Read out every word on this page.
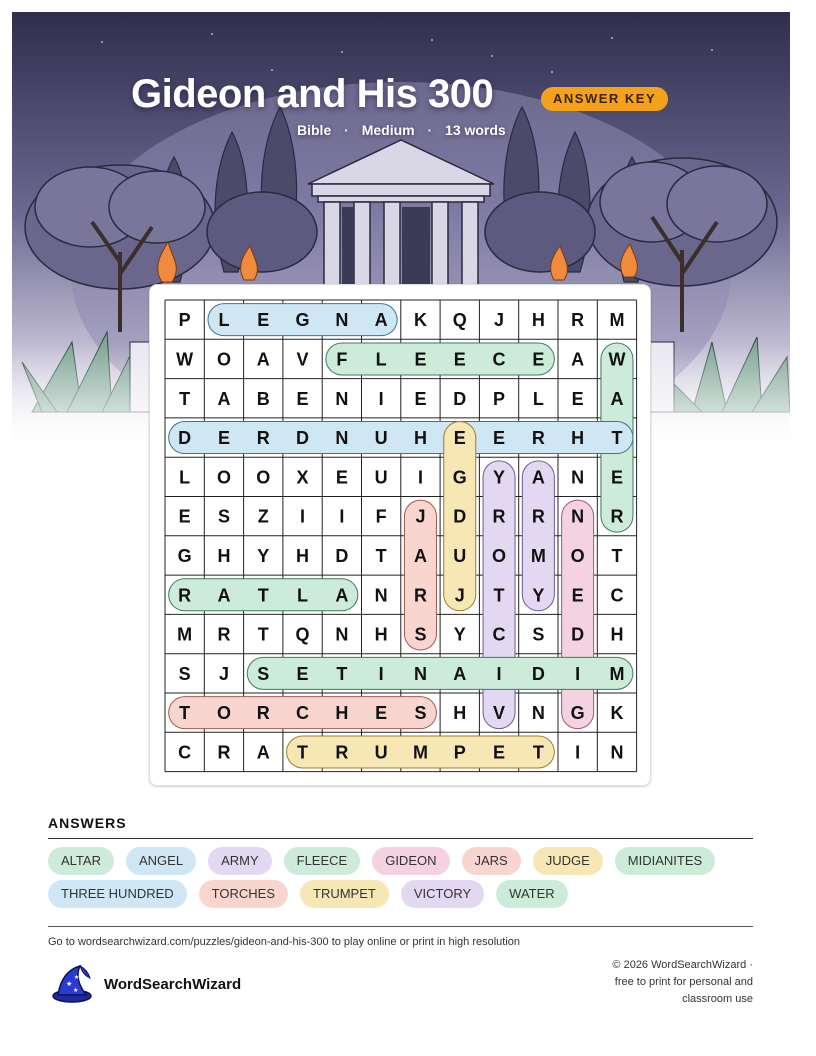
Gideon and His 300	ANSWER KEY
Bible · Medium · 13 words
P L E G N A K Q J H R M
W O A V F L E E C E A W
T A B E N I E D P L E A
D E R D N U H E E R H T
L O O X E U I G Y A N E
E S Z I I F J D R R N R
G H Y H D T A U O M O T
R A T L A N R J T Y E C
M R T Q N H S Y C S D H
S J S E T I N A I D I M
T O R C H E S H V N G K
C R A T R U M P E T I N
ANSWERS
ALTAR	ANGEL	ARMY	FLEECE	GIDEON	JARS	JUDGE	MIDIANITES
THREE HUNDRED	TORCHES	TRUMPET	VICTORY	WATER
Go to wordsearchwizard.com/puzzles/gideon-and-his-300 to play online or print in high resolution
★
★
★ WordSearchWizard
© 2026 WordSearchWizard ·
free to print for personal and
classroom use
